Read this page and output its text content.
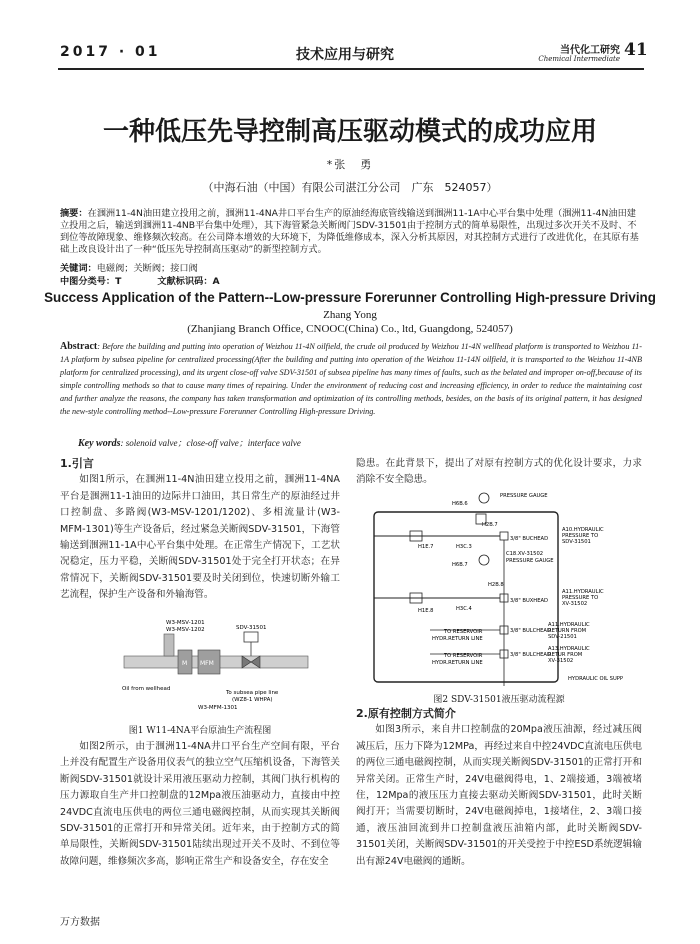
2017 · 01	技术应用与研究	当代化工研究
Chemical Intermediate 41
一种低压先导控制高压驱动模式的成功应用
*张　勇
（中海石油（中国）有限公司湛江分公司　广东　524057）
摘要：在涠洲11-4N油田建立投用之前，涠洲11-4NA井口平台生产的原油经海底管线输送到涠洲11-1A中心平台集中处理（涠洲11-4N油田建立投用之后，输送到涠洲11-4NB平台集中处理），其下海管紧急关断阀门SDV-31501由于控制方式的简单易限性，出现过多次开关不及时、不到位等故障现象、维修频次较高。在公司降本增效的大环境下，为降低维修成本，深入分析其原因，对其控制方式进行了改进优化，在其原有基础上改良设计出了一种“低压先导控制高压驱动”的新型控制方式。
关键词：电磁阀；关断阀；接口阀
中图分类号：T	文献标识码：A
Success Application of the Pattern--Low-pressure Forerunner Controlling High-pressure Driving
Zhang Yong
(Zhanjiang Branch Office, CNOOC(China) Co., ltd, Guangdong, 524057)
Abstract: Before the building and putting into operation of Weizhou 11-4N oilfield, the crude oil produced by Weizhou 11-4N wellhead platform is transported to Weizhou 11-1A platform by subsea pipeline for centralized processing(After the building and putting into operation of the Weizhou 11-14N oilfield, it is transported to the Weizhou 11-4NB platform for centralized processing), and its urgent close-off valve SDV-31501 of subsea pipeline has many times of faults, such as the belated and improper on-off,because of its simple controlling methods so that to cause many times of repairing. Under the environment of reducing cost and increasing efficiency, in order to reduce the maintaining cost and further analyze the reasons, the company has taken transformation and optimization of its controlling methods, besides, on the basis of its original pattern, it has designed the new-style controlling method--Low-pressure Forerunner Controlling High-pressure Driving.
Key words: solenoid valve；close-off valve；interface valve
1.引言

如图1所示，在涠洲11-4N油田建立投用之前，涠洲11-4NA平台是涠洲11-1油田的边际井口油田，其日常生产的原油经过井口控制盘、多路阀(W3-MSV-1201/1202)、多相流量计(W3-MFM-1301)等生产设备后，经过紧急关断阀SDV-31501，下海管输送到涠洲11-1A中心平台集中处理。在正常生产情况下，工艺状况稳定，压力平稳，关断阀SDV-31501处于完全打开状态；在异常情况下，关断阀SDV-31501要及时关闭到位，快速切断外输工艺流程，保护生产设备和外输海管。

W3-MSV-1201
W3-MSV-1202	SDV-31501
M MFM
Oil from wellhead
To subsea pipe line
(WZ8-1 WHPA)
W3-MFM-1301
图1 W11-4NA平台原油生产流程图

如图2所示，由于涠洲11-4NA井口平台生产空间有限，平台上并没有配置生产设备用仪表气的独立空气压缩机设备，下海管关断阀SDV-31501就设计采用液压驱动力控制，其阀门执行机构的压力源取自生产井口控制盘的12Mpa液压油驱动力，直接由中控24VDC直流电压供电的两位三通电磁阀控制，从而实现其关断阀SDV-31501的正常打开和异常关闭。近年来，由于控制方式的简单局限性，关断阀SDV-31501陆续出现过开关不及时、不到位等故障问题，维修频次多高，影响正常生产和设备安全，存在安全

隐患。在此背景下，提出了对原有控制方式的优化设计要求，力求消除不安全隐患。

PRESSURE GAUGE
H6B.6
H2B.7
H1E.7	H3C.3
3/8" BUCHEAD
A10.HYDRAULIC
PRESSURE TO
SDV-31501
C18.XV-31502
PRESSURE GAUGE
H6B.7
H2B.8
H1E.8	H3C.4
3/8" BUXHEAD
A11.HYDRAULIC
PRESSURE TO
XV-31502
TO RESERVOIR
HYDR.RETURN LINE
3/8" BULCHEAD
A11.HYDRAULIC
RETURN FROM
SDV-21501
TO RESERVOIR
HYDR.RETURN LINE
3/8" BULCHEAD
A13.HYDRAULIC
RETUR FROM
XV-31502
HYDRAULIC OIL SUPP
图2 SDV-31501液压驱动流程源
2.原有控制方式简介

如图3所示，来自井口控制盘的20Mpa液压油源，经过减压阀减压后，压力下降为12MPa，再经过来自中控24VDC直流电压供电的两位三通电磁阀控制，从而实现关断阀SDV-31501的正常打开和异常关闭。正常生产时，24V电磁阀得电，1、2端接通，3端被堵住，12Mpa的液压压力直接去驱动关断阀SDV-31501，此时关断阀打开；当需要切断时，24V电磁阀掉电，1接堵住，2、3端口接通，液压油回流到井口控制盘液压油箱内部，此时关断阀SDV-31501关闭，关断阀SDV-31501的开关受控于中控ESD系统逻辑输出有源24V电磁阀的通断。

万方数据
